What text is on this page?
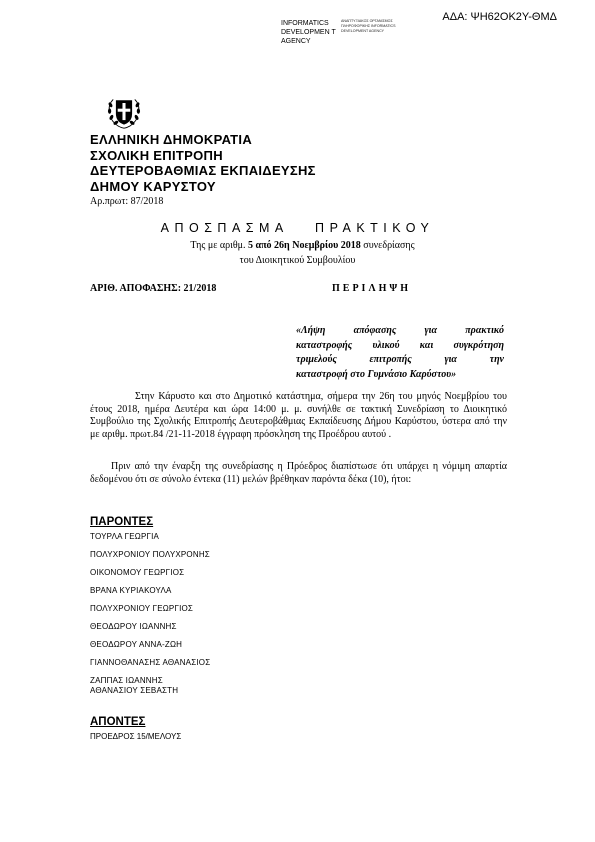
ΑΔΑ: ΨΗ62ΟΚ2Υ-ΘΜΔ
INFORMATICS DEVELOPMEN T AGENCY
ΑΝΑΠΤΥΞΙΑΚΟΣ ΟΡΓΑΝΙΣΜΟΣ ΠΛΗΡΟΦΟΡΙΚΗΣ INFORMATICS DEVELOPMENT AGENCY
ΕΛΛΗΝΙΚΗ ΔΗΜΟΚΡΑΤΙΑ
ΣΧΟΛΙΚΗ ΕΠΙΤΡΟΠΗ
ΔΕΥΤΕΡΟΒΑΘΜΙΑΣ ΕΚΠΑΙΔΕΥΣΗΣ
ΔΗΜΟΥ ΚΑΡΥΣΤΟΥ
Αρ.πρωτ: 87/2018
ΑΠΟΣΠΑΣΜΑ ΠΡΑΚΤΙΚΟΥ
Της με αριθμ. 5 από 26η Νοεμβρίου 2018 συνεδρίασης
του Διοικητικού Συμβουλίου
ΑΡΙΘ. ΑΠΟΦΑΣΗΣ: 21/2018	ΠΕΡΙΛΗΨΗ
«Λήψη απόφασης για πρακτικό
καταστροφής υλικού και συγκρότηση
τριμελούς επιτροπής για την
καταστροφή στο Γυμνάσιο Καρύστου»
Στην Κάρυστο και στο Δημοτικό κατάστημα, σήμερα την 26η του μηνός Νοεμβρίου του έτους 2018, ημέρα Δευτέρα και ώρα 14:00 μ. μ. συνήλθε σε τακτική Συνεδρίαση το Διοικητικό Συμβούλιο της Σχολικής Επιτροπής Δευτεροβάθμιας Εκπαίδευσης Δήμου Καρύστου, ύστερα από την με αριθμ. πρωτ.84 /21-11-2018 έγγραφη πρόσκληση της Προέδρου αυτού .
Πριν από την έναρξη της συνεδρίασης η Πρόεδρος διαπίστωσε ότι υπάρχει η νόμιμη απαρτία δεδομένου ότι σε σύνολο έντεκα (11) μελών βρέθηκαν παρόντα δέκα (10), ήτοι:
ΠΑΡΟΝΤΕΣ
ΤΟΥΡΛΑ ΓΕΩΡΓΙΑ
ΠΟΛΥΧΡΟΝΙΟΥ ΠΟΛΥΧΡΟΝΗΣ
ΟΙΚΟΝΟΜΟΥ ΓΕΩΡΓΙΟΣ
ΒΡΑΝΑ ΚΥΡΙΑΚΟΥΛΑ
ΠΟΛΥΧΡΟΝΙΟΥ ΓΕΩΡΓΙΟΣ
ΘΕΟΔΩΡΟΥ ΙΩΑΝΝΗΣ
ΘΕΟΔΩΡΟΥ ΑΝΝΑ-ΖΩΗ
ΓΙΑΝΝΟΘΑΝΑΣΗΣ ΑΘΑΝΑΣΙΟΣ
ΖΑΠΠΑΣ ΙΩΑΝΝΗΣ
ΑΘΑΝΑΣΙΟΥ ΣΕΒΑΣΤΗ
ΑΠΟΝΤΕΣ
ΠΡΟΕΔΡΟΣ 15/ΜΕΛΟΥΣ
